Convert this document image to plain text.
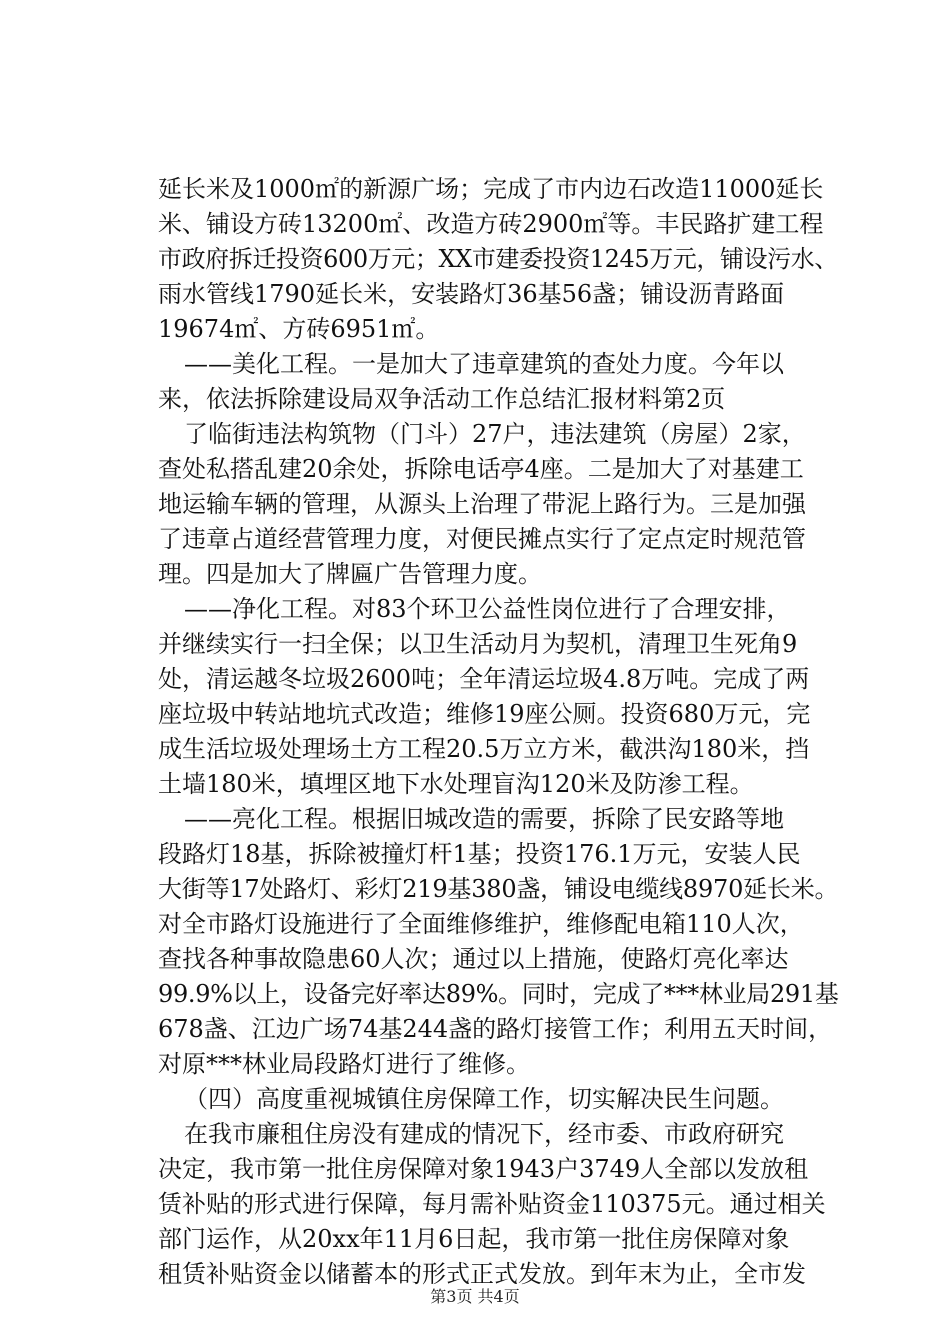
延长米及1000㎡的新源广场；完成了市内边石改造11000延长
米、铺设方砖13200㎡、改造方砖2900㎡等。丰民路扩建工程
市政府拆迁投资600万元；XX市建委投资1245万元，铺设污水、
雨水管线1790延长米，安装路灯36基56盏；铺设沥青路面
19674㎡、方砖6951㎡。
——美化工程。一是加大了违章建筑的查处力度。今年以
来，依法拆除建设局双争活动工作总结汇报材料第2页
了临街违法构筑物（门斗）27户，违法建筑（房屋）2家，
查处私搭乱建20余处，拆除电话亭4座。二是加大了对基建工
地运输车辆的管理，从源头上治理了带泥上路行为。三是加强
了违章占道经营管理力度，对便民摊点实行了定点定时规范管
理。四是加大了牌匾广告管理力度。
——净化工程。对83个环卫公益性岗位进行了合理安排，
并继续实行一扫全保；以卫生活动月为契机，清理卫生死角9
处，清运越冬垃圾2600吨；全年清运垃圾4.8万吨。完成了两
座垃圾中转站地坑式改造；维修19座公厕。投资680万元，完
成生活垃圾处理场土方工程20.5万立方米，截洪沟180米，挡
土墙180米，填埋区地下水处理盲沟120米及防渗工程。
——亮化工程。根据旧城改造的需要，拆除了民安路等地
段路灯18基，拆除被撞灯杆1基；投资176.1万元，安装人民
大街等17处路灯、彩灯219基380盏，铺设电缆线8970延长米。
对全市路灯设施进行了全面维修维护，维修配电箱110人次，
查找各种事故隐患60人次；通过以上措施，使路灯亮化率达
99.9%以上，设备完好率达89%。同时，完成了***林业局291基
678盏、江边广场74基244盏的路灯接管工作；利用五天时间，
对原***林业局段路灯进行了维修。
（四）高度重视城镇住房保障工作，切实解决民生问题。
在我市廉租住房没有建成的情况下，经市委、市政府研究
决定，我市第一批住房保障对象1943户3749人全部以发放租
赁补贴的形式进行保障，每月需补贴资金110375元。通过相关
部门运作，从20xx年11月6日起，我市第一批住房保障对象
租赁补贴资金以储蓄本的形式正式发放。到年末为止，全市发
第3页 共4页
